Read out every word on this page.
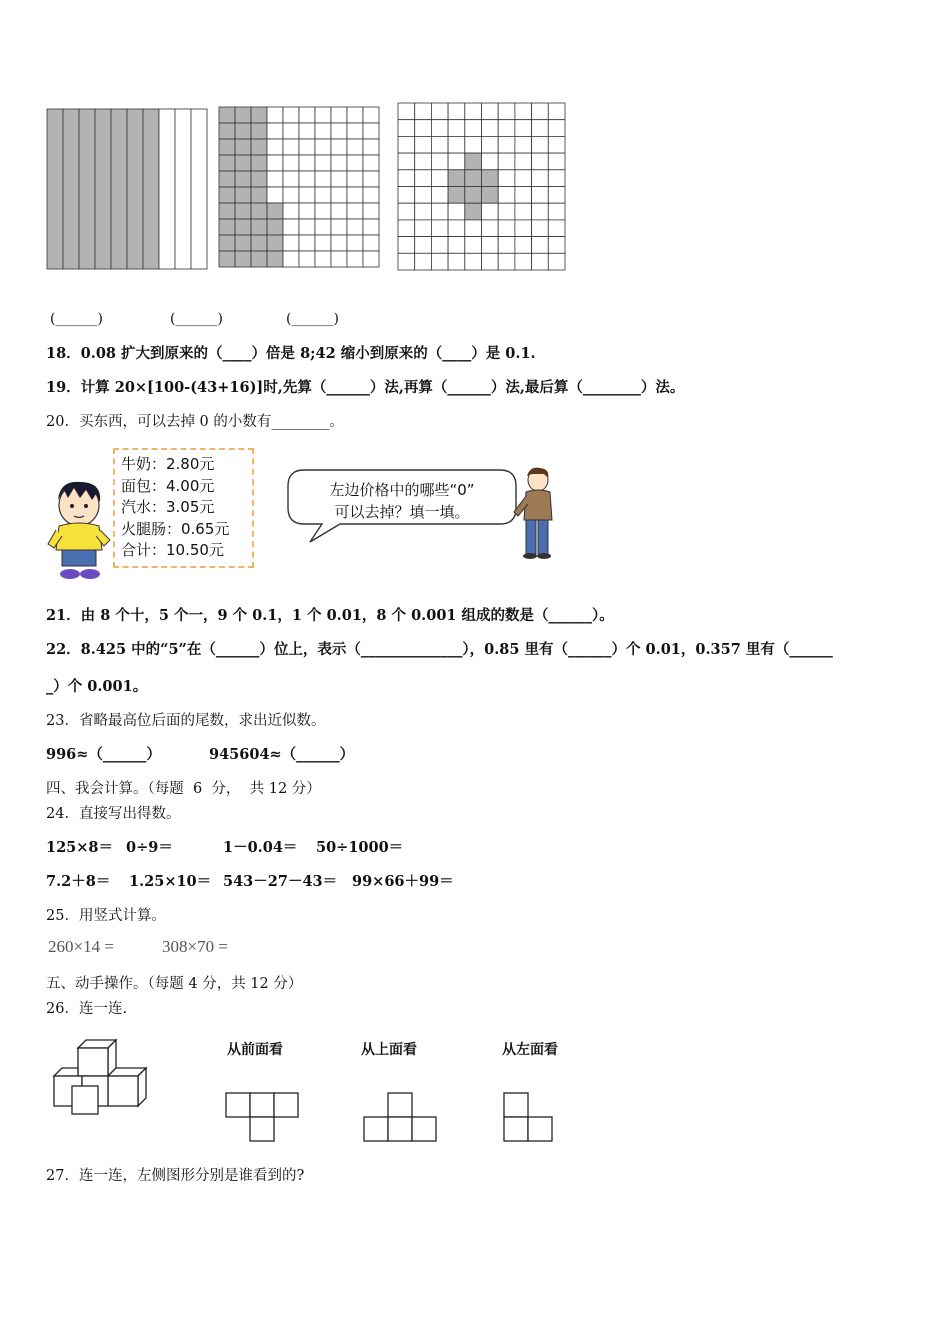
(______)	(______)	(______)
18．0.08 扩大到原来的（____）倍是 8;42 缩小到原来的（____）是 0.1.
19．计算 20×[100-(43+16)]时,先算（______）法,再算（______）法,最后算（________）法。
20．买东西，可以去掉 0 的小数有________。
牛奶：2.80元
面包：4.00元
汽水：3.05元
火腿肠：0.65元
合计：10.50元
左边价格中的哪些“0”
可以去掉？填一填。
21．由 8 个十，5 个一，9 个 0.1，1 个 0.01，8 个 0.001 组成的数是（______）。
22．8.425 中的“5”在（______）位上，表示（______________），0.85 里有（______）个 0.01，0.357 里有（______
_）个 0.001。
23．省略最高位后面的尾数，求出近似数。
996≈（______）	945604≈（______）
四、我会计算。（每题  6  分，  共 12 分）
24．直接写出得数。
125×8＝ 0÷9＝	1－0.04＝ 50÷1000＝
7.2＋8＝ 1.25×10＝ 543－27－43＝ 99×66＋99＝
25．用竖式计算。
260×14 =	308×70 =
五、动手操作。（每题 4 分，共 12 分）
26．连一连.
从前面看	从上面看	从左面看
27．连一连，左侧图形分别是谁看到的?
